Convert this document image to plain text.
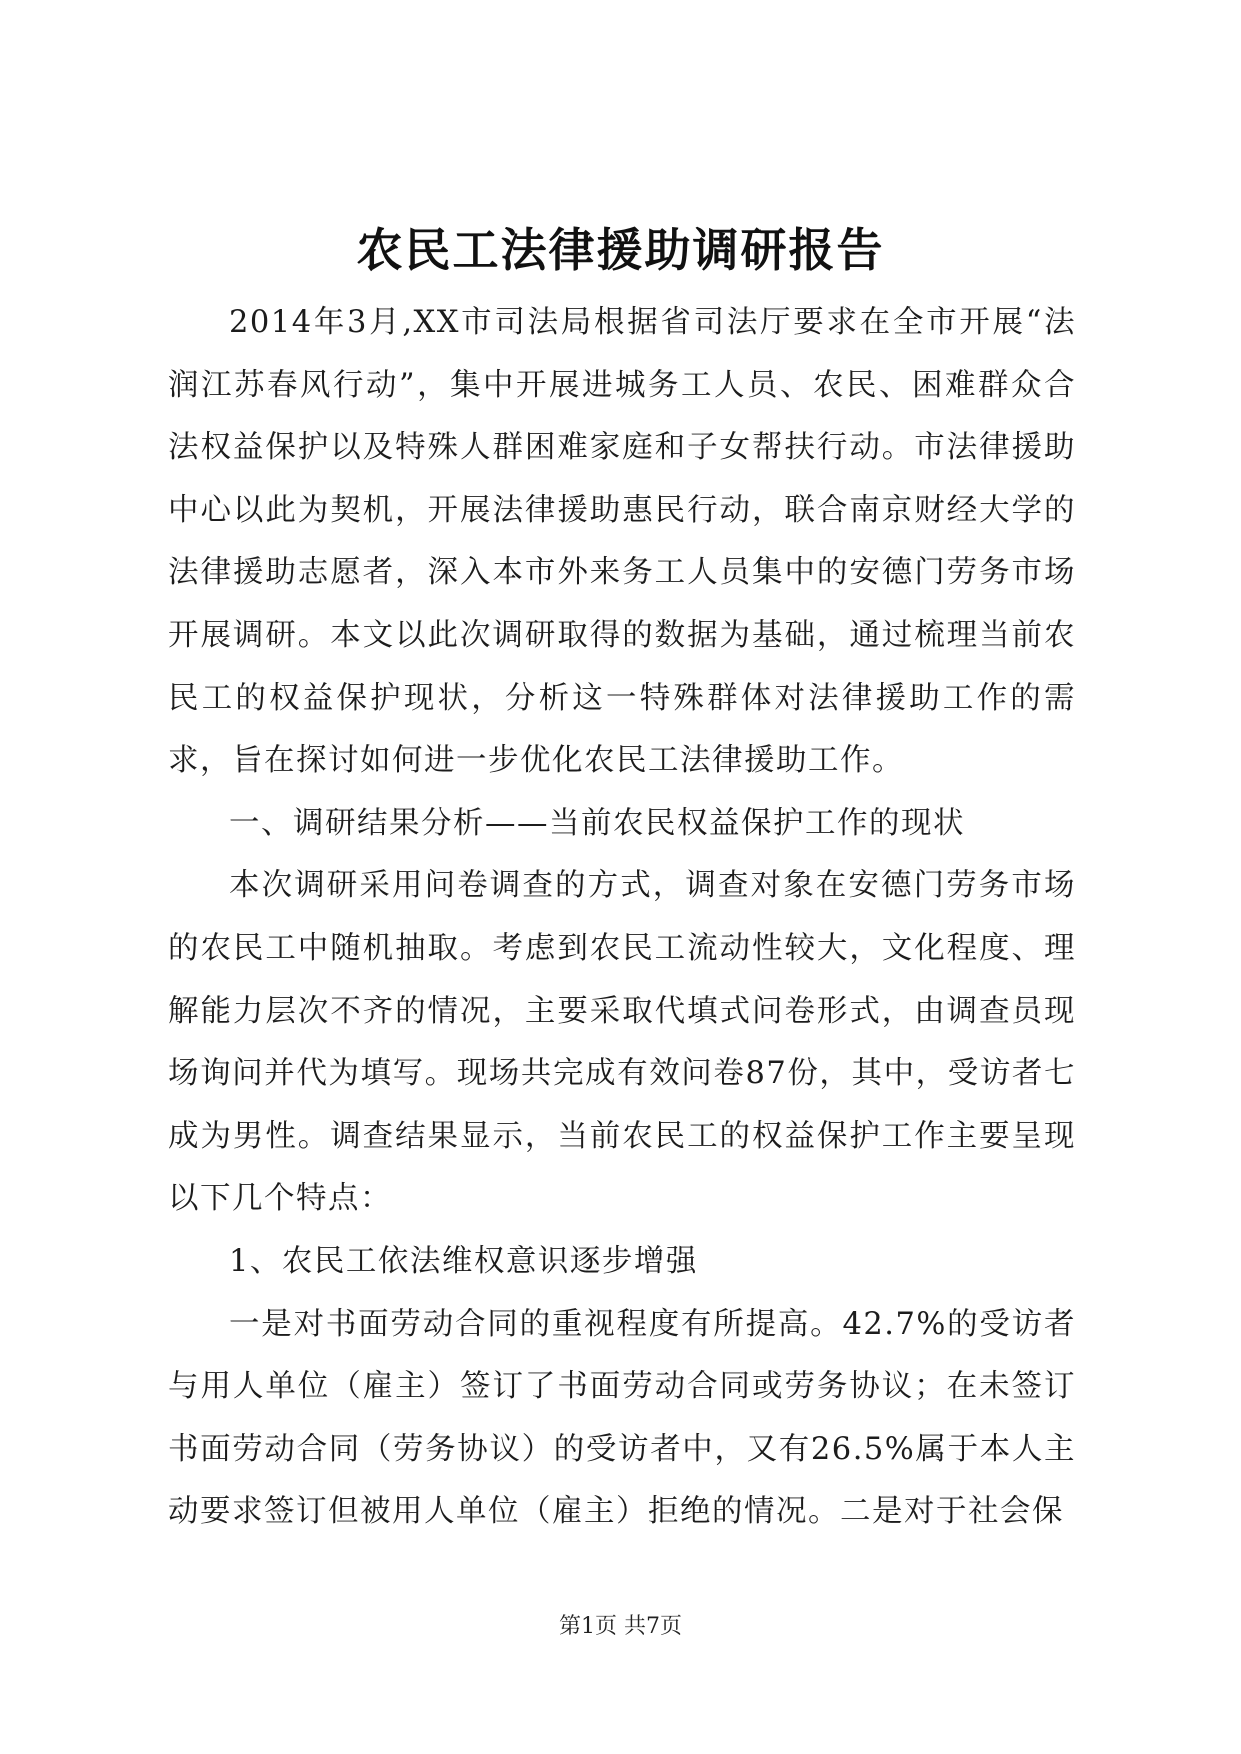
农民工法律援助调研报告

2014年3月,XX市司法局根据省司法厅要求在全市开展“法润江苏春风行动”，集中开展进城务工人员、农民、困难群众合法权益保护以及特殊人群困难家庭和子女帮扶行动。市法律援助中心以此为契机，开展法律援助惠民行动，联合南京财经大学的法律援助志愿者，深入本市外来务工人员集中的安德门劳务市场开展调研。本文以此次调研取得的数据为基础，通过梳理当前农民工的权益保护现状，分析这一特殊群体对法律援助工作的需求，旨在探讨如何进一步优化农民工法律援助工作。

一、调研结果分析——当前农民权益保护工作的现状

本次调研采用问卷调查的方式，调查对象在安德门劳务市场的农民工中随机抽取。考虑到农民工流动性较大，文化程度、理解能力层次不齐的情况，主要采取代填式问卷形式，由调查员现场询问并代为填写。现场共完成有效问卷87份，其中，受访者七成为男性。调查结果显示，当前农民工的权益保护工作主要呈现以下几个特点：

1、农民工依法维权意识逐步增强

一是对书面劳动合同的重视程度有所提高。42.7%的受访者与用人单位（雇主）签订了书面劳动合同或劳务协议；在未签订书面劳动合同（劳务协议）的受访者中，又有26.5%属于本人主动要求签订但被用人单位（雇主）拒绝的情况。二是对于社会保

第1页 共7页
